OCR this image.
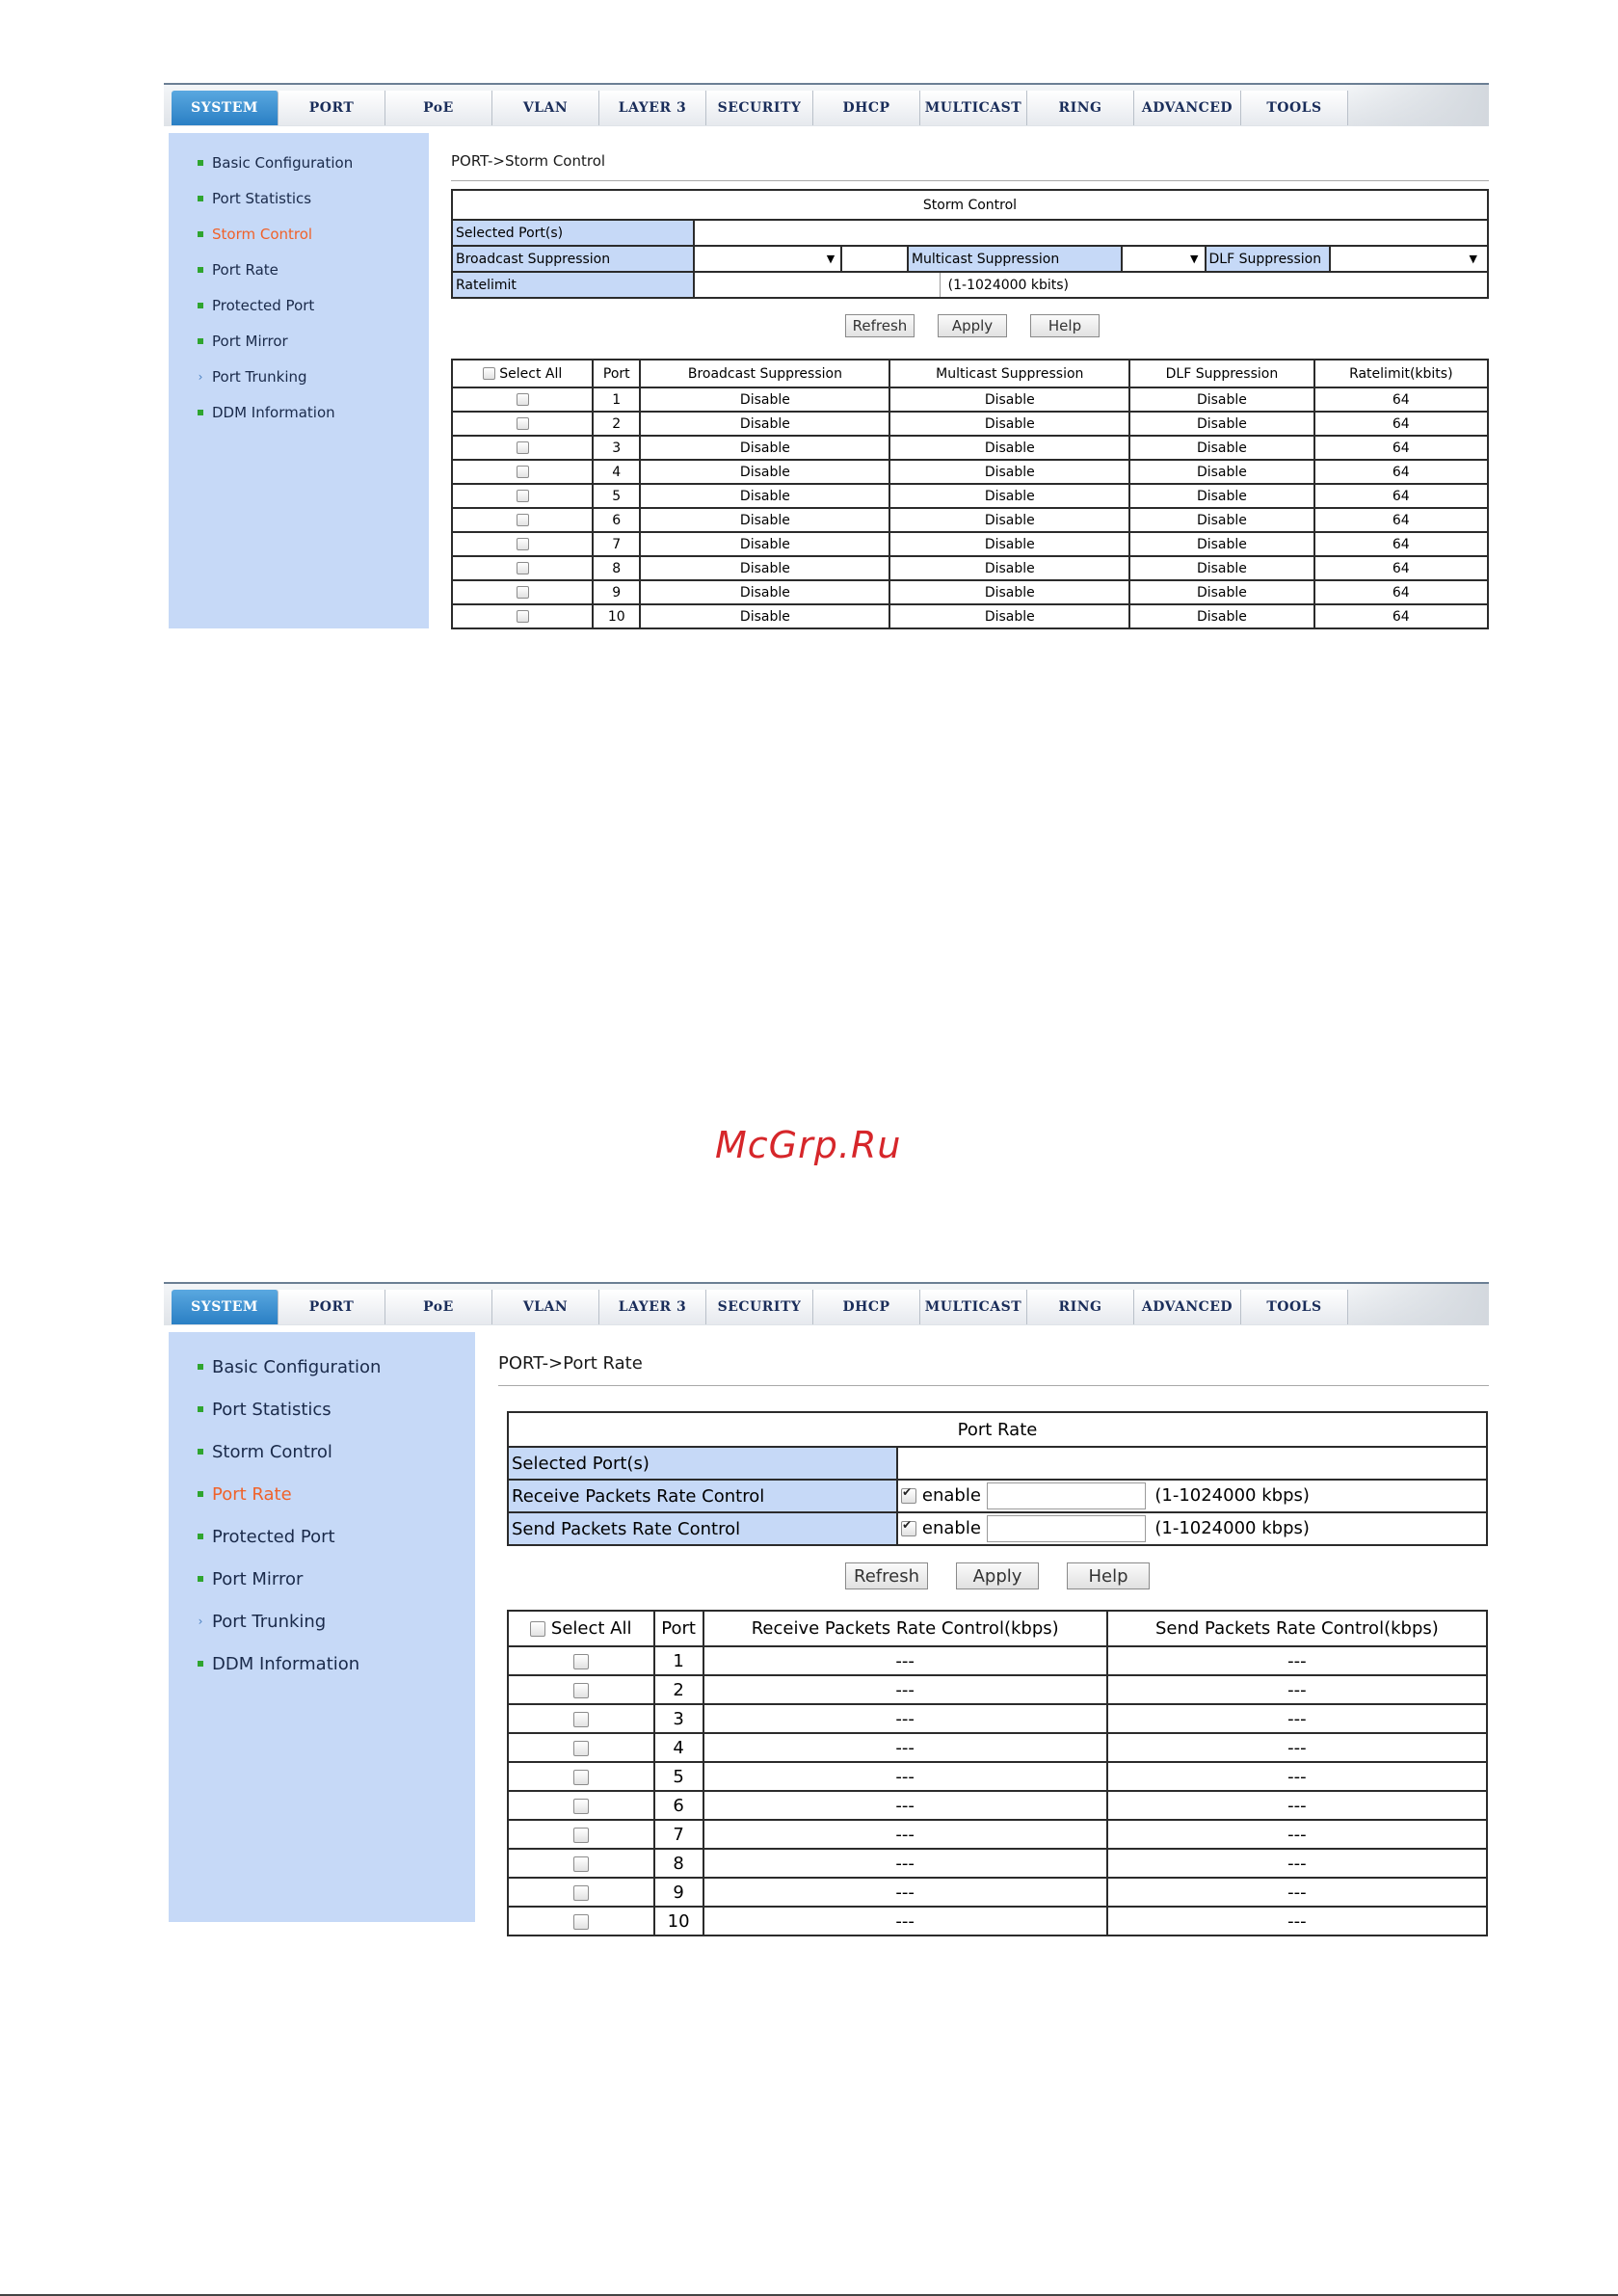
SYSTEM	PORT	PoE	VLAN	LAYER 3	SECURITY	DHCP	MULTICAST	RING	ADVANCED	TOOLS
Basic Configuration
Port Statistics
Storm Control
Port Rate
Protected Port
Port Mirror
› Port Trunking
DDM Information
PORT->Storm Control
Storm Control						
Selected Port(s)						
Broadcast Suppression	▼		Multicast Suppression	▼	DLF Suppression	▼

Ratelimit	(1-1024000 kbits)					
Refresh	Apply	Help
Select All	Port	Broadcast Suppression	Multicast Suppression	DLF Suppression	Ratelimit(kbits)
	1	Disable	Disable	Disable	64
	2	Disable	Disable	Disable	64
	3	Disable	Disable	Disable	64
	4	Disable	Disable	Disable	64
	5	Disable	Disable	Disable	64
	6	Disable	Disable	Disable	64
	7	Disable	Disable	Disable	64
	8	Disable	Disable	Disable	64
	9	Disable	Disable	Disable	64
	10	Disable	Disable	Disable	64
McGrp.Ru
SYSTEM	PORT	PoE	VLAN	LAYER 3	SECURITY	DHCP	MULTICAST	RING	ADVANCED	TOOLS
Basic Configuration
Port Statistics
Storm Control
Port Rate
Protected Port
Port Mirror
› Port Trunking
DDM Information
PORT->Port Rate
Port Rate	
Selected Port(s)	
Receive Packets Rate Control	✔enable (1-1024000 kbps)
Send Packets Rate Control	✔enable (1-1024000 kbps)
Refresh	Apply	Help
Select All	Port	Receive Packets Rate Control(kbps)	Send Packets Rate Control(kbps)
	1	---	---
	2	---	---
	3	---	---
	4	---	---
	5	---	---
	6	---	---
	7	---	---
	8	---	---
	9	---	---
	10	---	---
